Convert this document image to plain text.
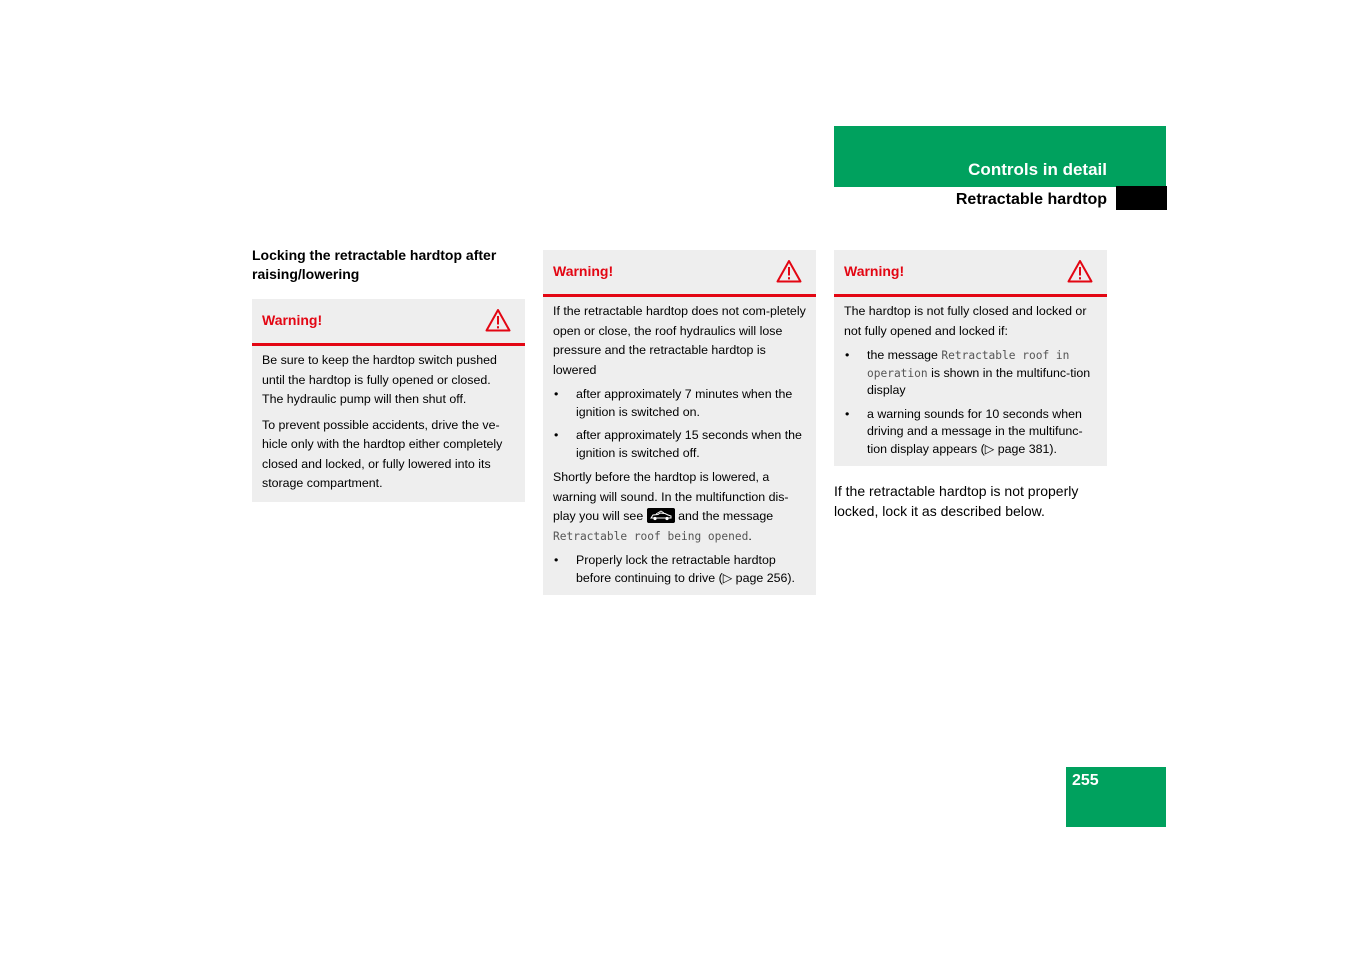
Controls in detail
Retractable hardtop
Locking the retractable hardtop after raising/lowering
Warning!

Be sure to keep the hardtop switch pushed until the hardtop is fully opened or closed. The hydraulic pump will then shut off.

To prevent possible accidents, drive the ve-hicle only with the hardtop either completely closed and locked, or fully lowered into its storage compartment.

Warning!

If the retractable hardtop does not com-pletely open or close, the roof hydraulics will lose pressure and the retractable hardtop is lowered

• after approximately 7 minutes when the ignition is switched on.
• after approximately 15 seconds when the ignition is switched off.

Shortly before the hardtop is lowered, a warning will sound. In the multifunction dis-play you will see	and the message Retractable roof being opened.

• Properly lock the retractable hardtop before continuing to drive (▷ page 256).
Warning!

The hardtop is not fully closed and locked or not fully opened and locked if:

• the message Retractable roof in operation is shown in the multifunc-tion display
• a warning sounds for 10 seconds when driving and a message in the multifunc-tion display appears (▷ page 381).
If the retractable hardtop is not properly locked, lock it as described below.
255
